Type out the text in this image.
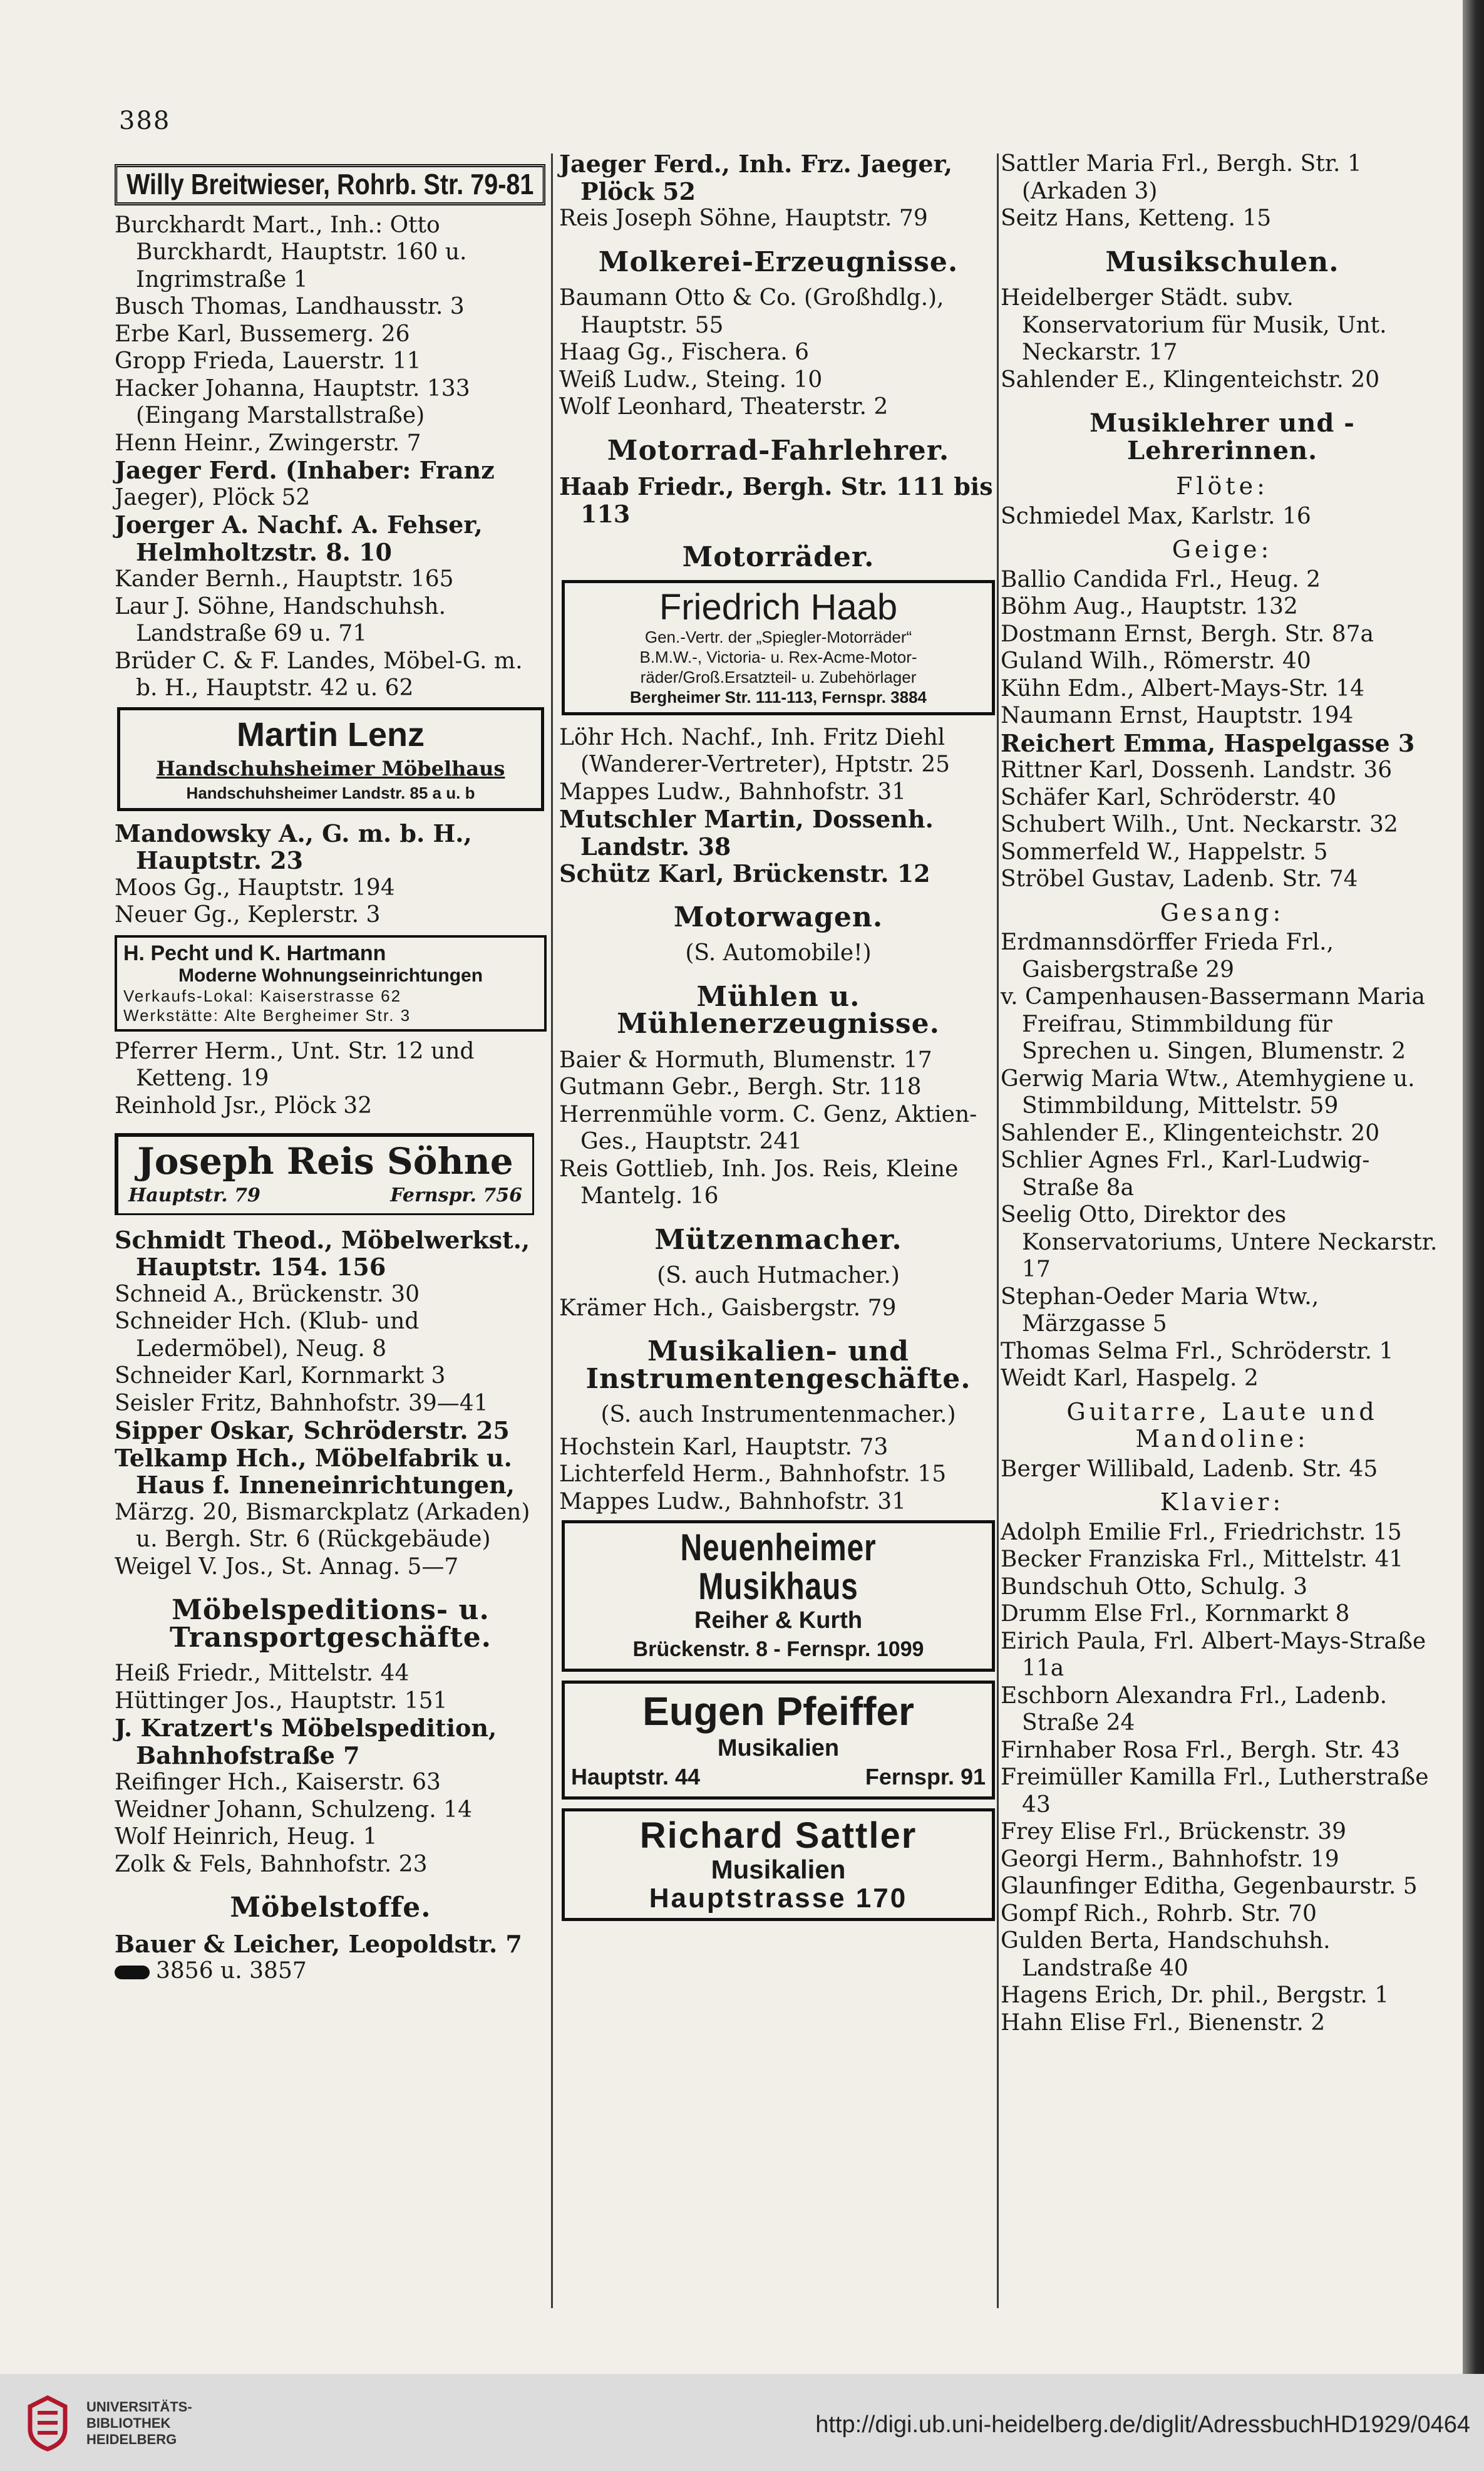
388
Willy Breitwieser, Rohrb. Str. 79-81
Burckhardt Mart., Inh.: Otto Burckhardt, Hauptstr. 160 u. Ingrimstraße 1
Busch Thomas, Landhausstr. 3
Erbe Karl, Bussemerg. 26
Gropp Frieda, Lauerstr. 11
Hacker Johanna, Hauptstr. 133 (Eingang Marstallstraße)
Henn Heinr., Zwingerstr. 7
Jaeger Ferd. (Inhaber: Franz
Jaeger), Plöck 52
Joerger A. Nachf. A. Fehser, Helmholtzstr. 8. 10
Kander Bernh., Hauptstr. 165
Laur J. Söhne, Handschuhsh. Landstraße 69 u. 71
Brüder C. & F. Landes, Möbel-G. m. b. H., Hauptstr. 42 u. 62
Martin Lenz
Handschuhsheimer Möbelhaus
Handschuhsheimer Landstr. 85 a u. b
Mandowsky A., G. m. b. H., Hauptstr. 23
Moos Gg., Hauptstr. 194
Neuer Gg., Keplerstr. 3
H. Pecht und K. Hartmann
Moderne Wohnungseinrichtungen
Verkaufs-Lokal: Kaiserstrasse 62
Werkstätte: Alte Bergheimer Str. 3
Pferrer Herm., Unt. Str. 12 und Ketteng. 19
Reinhold Jsr., Plöck 32
Joseph Reis Söhne
Hauptstr. 79	Fernspr. 756
Schmidt Theod., Möbelwerkst., Hauptstr. 154. 156
Schneid A., Brückenstr. 30
Schneider Hch. (Klub- und Ledermöbel), Neug. 8
Schneider Karl, Kornmarkt 3
Seisler Fritz, Bahnhofstr. 39—41
Sipper Oskar, Schröderstr. 25
Telkamp Hch., Möbelfabrik u. Haus f. Inneneinrichtungen,
Märzg. 20, Bismarckplatz (Arkaden) u. Bergh. Str. 6 (Rückgebäude)
Weigel V. Jos., St. Annag. 5—7
Möbelspeditions- u. Transportgeschäfte.
Heiß Friedr., Mittelstr. 44
Hüttinger Jos., Hauptstr. 151
J. Kratzert's Möbelspedition, Bahnhofstraße 7
Reifinger Hch., Kaiserstr. 63
Weidner Johann, Schulzeng. 14
Wolf Heinrich, Heug. 1
Zolk & Fels, Bahnhofstr. 23
Möbelstoffe.
Bauer & Leicher, Leopoldstr. 7
3856 u. 3857
Jaeger Ferd., Inh. Frz. Jaeger, Plöck 52
Reis Joseph Söhne, Hauptstr. 79
Molkerei-Erzeugnisse.
Baumann Otto & Co. (Großhdlg.), Hauptstr. 55
Haag Gg., Fischera. 6
Weiß Ludw., Steing. 10
Wolf Leonhard, Theaterstr. 2
Motorrad-Fahrlehrer.
Haab Friedr., Bergh. Str. 111 bis 113
Motorräder.
Friedrich Haab
Gen.-Vertr. der „Spiegler-Motorräder“
B.M.W.-, Victoria- u. Rex-Acme-Motor-
räder/Groß.Ersatzteil- u. Zubehörlager
Bergheimer Str. 111-113, Fernspr. 3884
Löhr Hch. Nachf., Inh. Fritz Diehl (Wanderer-Vertreter), Hptstr. 25
Mappes Ludw., Bahnhofstr. 31
Mutschler Martin, Dossenh. Landstr. 38
Schütz Karl, Brückenstr. 12
Motorwagen.
(S. Automobile!)
Mühlen u. Mühlenerzeugnisse.
Baier & Hormuth, Blumenstr. 17
Gutmann Gebr., Bergh. Str. 118
Herrenmühle vorm. C. Genz, Aktien-Ges., Hauptstr. 241
Reis Gottlieb, Inh. Jos. Reis, Kleine Mantelg. 16
Mützenmacher.
(S. auch Hutmacher.)
Krämer Hch., Gaisbergstr. 79
Musikalien- und Instrumentengeschäfte.
(S. auch Instrumentenmacher.)
Hochstein Karl, Hauptstr. 73
Lichterfeld Herm., Bahnhofstr. 15
Mappes Ludw., Bahnhofstr. 31
Neuenheimer Musikhaus
Reiher & Kurth
Brückenstr. 8 - Fernspr. 1099
Eugen Pfeiffer
Musikalien
Hauptstr. 44	Fernspr. 91
Richard Sattler
Musikalien
Hauptstrasse 170
Sattler Maria Frl., Bergh. Str. 1 (Arkaden 3)
Seitz Hans, Ketteng. 15
Musikschulen.
Heidelberger Städt. subv. Konservatorium für Musik, Unt. Neckarstr. 17
Sahlender E., Klingenteichstr. 20
Musiklehrer und -Lehrerinnen.
Flöte:
Schmiedel Max, Karlstr. 16
Geige:
Ballio Candida Frl., Heug. 2
Böhm Aug., Hauptstr. 132
Dostmann Ernst, Bergh. Str. 87a
Guland Wilh., Römerstr. 40
Kühn Edm., Albert-Mays-Str. 14
Naumann Ernst, Hauptstr. 194
Reichert Emma, Haspelgasse 3
Rittner Karl, Dossenh. Landstr. 36
Schäfer Karl, Schröderstr. 40
Schubert Wilh., Unt. Neckarstr. 32
Sommerfeld W., Happelstr. 5
Ströbel Gustav, Ladenb. Str. 74
Gesang:
Erdmannsdörffer Frieda Frl., Gaisbergstraße 29
v. Campenhausen-Bassermann Maria Freifrau, Stimmbildung für Sprechen u. Singen, Blumenstr. 2
Gerwig Maria Wtw., Atemhygiene u. Stimmbildung, Mittelstr. 59
Sahlender E., Klingenteichstr. 20
Schlier Agnes Frl., Karl-Ludwig-Straße 8a
Seelig Otto, Direktor des Konservatoriums, Untere Neckarstr. 17
Stephan-Oeder Maria Wtw., Märzgasse 5
Thomas Selma Frl., Schröderstr. 1
Weidt Karl, Haspelg. 2
Guitarre, Laute und Mandoline:
Berger Willibald, Ladenb. Str. 45
Klavier:
Adolph Emilie Frl., Friedrichstr. 15
Becker Franziska Frl., Mittelstr. 41
Bundschuh Otto, Schulg. 3
Drumm Else Frl., Kornmarkt 8
Eirich Paula, Frl. Albert-Mays-Straße 11a
Eschborn Alexandra Frl., Ladenb. Straße 24
Firnhaber Rosa Frl., Bergh. Str. 43
Freimüller Kamilla Frl., Lutherstraße 43
Frey Elise Frl., Brückenstr. 39
Georgi Herm., Bahnhofstr. 19
Glaunfinger Editha, Gegenbaurstr. 5
Gompf Rich., Rohrb. Str. 70
Gulden Berta, Handschuhsh. Landstraße 40
Hagens Erich, Dr. phil., Bergstr. 1
Hahn Elise Frl., Bienenstr. 2
UNIVERSITÄTS-
BIBLIOTHEK
HEIDELBERG
http://digi.ub.uni-heidelberg.de/diglit/AdressbuchHD1929/0464
